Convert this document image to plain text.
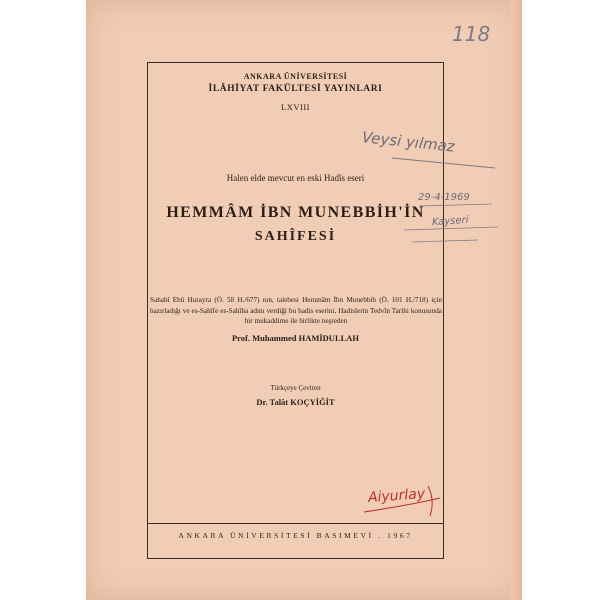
ANKARA ÜNİVERSİTESİ
İLÂHİYAT FAKÜLTESİ YAYINLARI
LXVIII
Halen elde mevcut en eski Hadîs eseri
HEMMÂM İBN MUNEBBİH'İN
SAHÎFESİ
Sahabî Ebû Hurayra (Ö. 58 H./677) nın, talebesi Hemmâm İbn Munebbih (Ö. 101 H./718) için hazırladığı ve es-Sahîfe es-Sahîha adını verdiği bu hadis eserini, Hadislerin Tedvîn Tarihi konusunda bir mukaddime ile birlikte neşreden
Prof. Muhammed HAMİDULLAH
Türkçeye Çeviren
Dr. Talât KOÇYİĞİT
ANKARA ÜNİVERSİTESİ BASIMEVİ . 1967
118
Veysi yılmaz
29-4-1969
Kayseri
Aiyurlay
